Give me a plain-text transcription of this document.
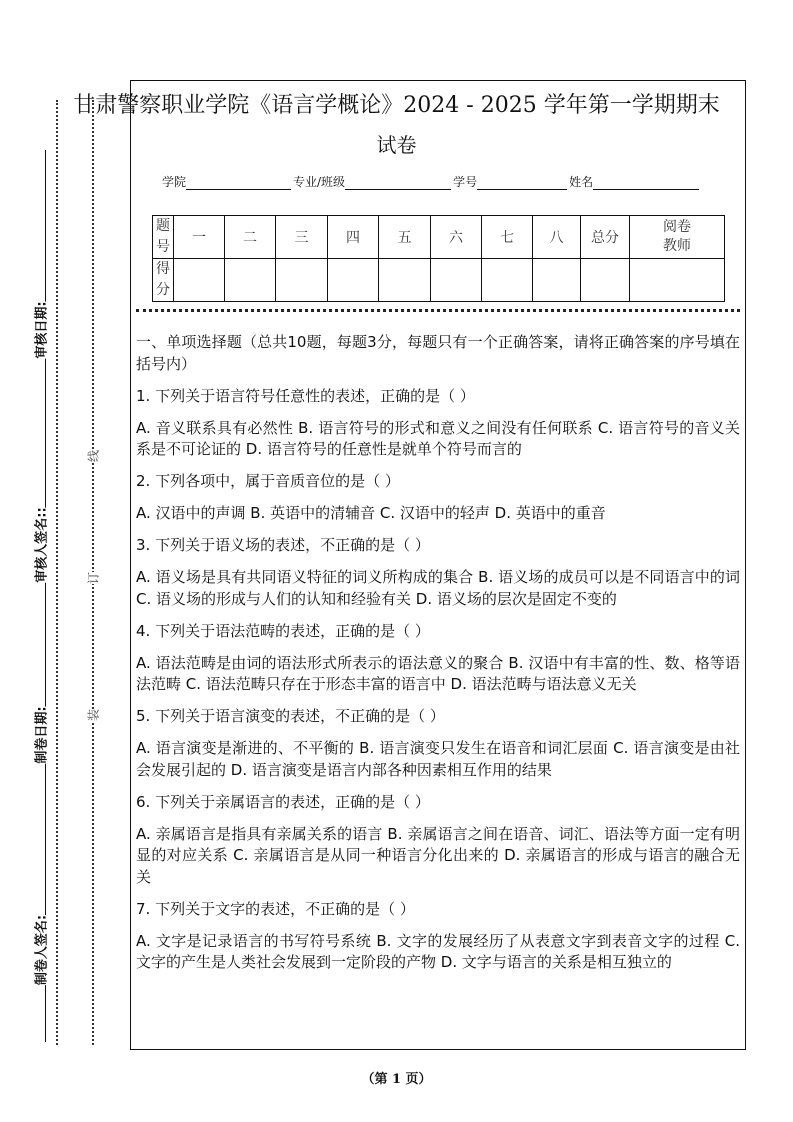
审核日期:
审核人签名::
制卷日期:
制卷人签名:
线
订
装
甘肃警察职业学院《语言学概论》2024 - 2025 学年第一学期期末
试卷
学院	专业/班级	学号	姓名
题
号	一	二	三	四	五	六	七	八	总分	阅卷
教师
得
分										

一、单项选择题（总共10题，每题3分，每题只有一个正确答案，请将正确答案的序号填在括号内）

1. 下列关于语言符号任意性的表述，正确的是（ ）

A. 音义联系具有必然性 B. 语言符号的形式和意义之间没有任何联系 C. 语言符号的音义关系是不可论证的 D. 语言符号的任意性是就单个符号而言的

2. 下列各项中，属于音质音位的是（ ）

A. 汉语中的声调 B. 英语中的清辅音 C. 汉语中的轻声 D. 英语中的重音

3. 下列关于语义场的表述，不正确的是（ ）

A. 语义场是具有共同语义特征的词义所构成的集合 B. 语义场的成员可以是不同语言中的词 C. 语义场的形成与人们的认知和经验有关 D. 语义场的层次是固定不变的

4. 下列关于语法范畴的表述，正确的是（ ）

A. 语法范畴是由词的语法形式所表示的语法意义的聚合 B. 汉语中有丰富的性、数、格等语法范畴 C. 语法范畴只存在于形态丰富的语言中 D. 语法范畴与语法意义无关

5. 下列关于语言演变的表述，不正确的是（ ）

A. 语言演变是渐进的、不平衡的 B. 语言演变只发生在语音和词汇层面 C. 语言演变是由社会发展引起的 D. 语言演变是语言内部各种因素相互作用的结果

6. 下列关于亲属语言的表述，正确的是（ ）

A. 亲属语言是指具有亲属关系的语言 B. 亲属语言之间在语音、词汇、语法等方面一定有明显的对应关系 C. 亲属语言是从同一种语言分化出来的 D. 亲属语言的形成与语言的融合无关

7. 下列关于文字的表述，不正确的是（ ）

A. 文字是记录语言的书写符号系统 B. 文字的发展经历了从表意文字到表音文字的过程 C. 文字的产生是人类社会发展到一定阶段的产物 D. 文字与语言的关系是相互独立的

（第 1 页）
